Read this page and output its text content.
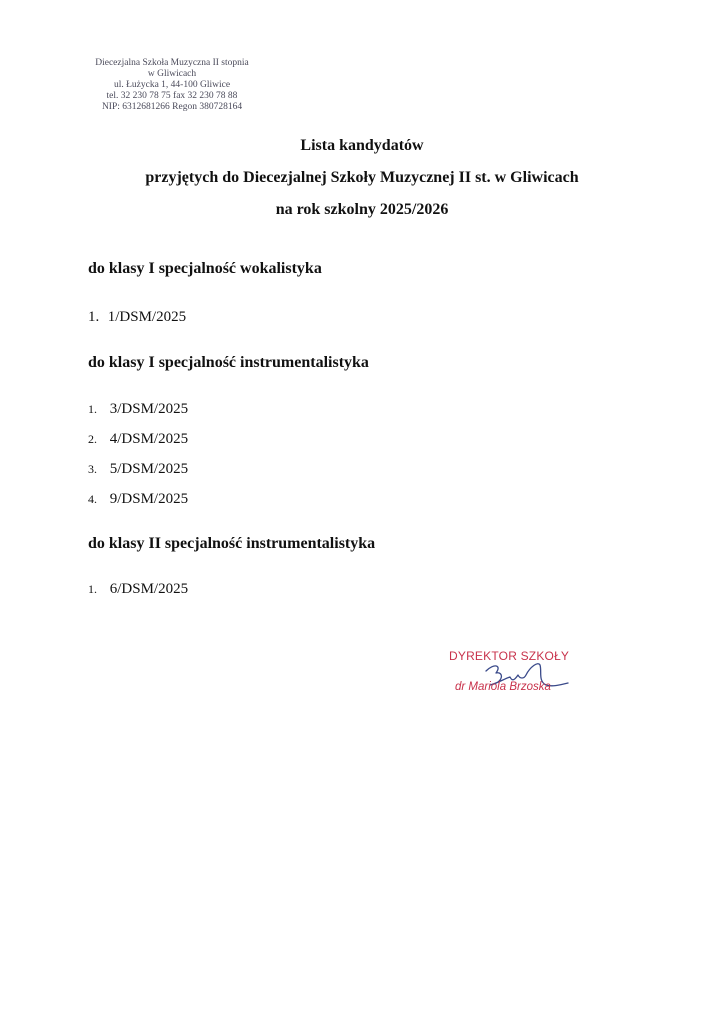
Diecezjalna Szkoła Muzyczna II stopnia
w Gliwicach
ul. Łużycka 1, 44-100 Gliwice
tel. 32 230 78 75 fax 32 230 78 88
NIP: 6312681266 Regon 380728164
Lista kandydatów
przyjętych do Diecezjalnej Szkoły Muzycznej II st. w Gliwicach
na rok szkolny 2025/2026
do klasy I specjalność wokalistyka
1. 1/DSM/2025
do klasy I specjalność instrumentalistyka
1. 3/DSM/2025
2. 4/DSM/2025
3. 5/DSM/2025
4. 9/DSM/2025
do klasy II specjalność instrumentalistyka
1. 6/DSM/2025
DYREKTOR SZKOŁY
dr Mariola Brzoska
